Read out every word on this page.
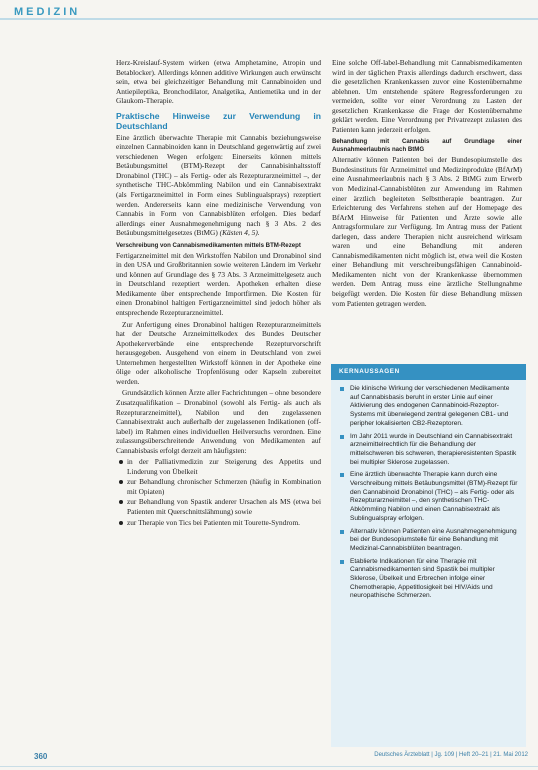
MEDIZIN

Herz-Kreislauf-System wirken (etwa Amphetamine, Atropin und Betablocker). Allerdings können additive Wirkungen auch erwünscht sein, etwa bei gleichzeitiger Behandlung mit Cannabinoiden und Antiepileptika, Bronchodilator, Analgetika, Antiemetika und in der Glaukom-Therapie.

Praktische Hinweise zur Verwendung in Deutschland

Eine ärztlich überwachte Therapie mit Cannabis beziehungsweise einzelnen Cannabinoiden kann in Deutschland gegenwärtig auf zwei verschiedenen Wegen erfolgen: Einerseits können mittels Betäubungsmittel (BTM)-Rezept der Cannabisinhaltsstoff Dronabinol (THC) – als Fertig- oder als Rezepturarzneimittel –, der synthetische THC-Abkömmling Nabilon und ein Cannabisextrakt (als Fertigarzneimittel in Form eines Sublingualsprays) rezeptiert werden. Andererseits kann eine medizinische Verwendung von Cannabis in Form von Cannabisblüten erfolgen. Dies bedarf allerdings einer Ausnahmegenehmigung nach § 3 Abs. 2 des Betäubungsmittelgesetzes (BtMG) (Kästen 4, 5).

Verschreibung von Cannabismedikamenten mittels BTM-Rezept

Fertigarzneimittel mit den Wirkstoffen Nabilon und Dronabinol sind in den USA und Großbritannien sowie weiteren Ländern im Verkehr und können auf Grundlage des § 73 Abs. 3 Arzneimittelgesetz auch in Deutschland rezeptiert werden. Apotheken erhalten diese Medikamente über entsprechende Importfirmen. Die Kosten für einen Dronabinol haltigen Fertigarzneimittel sind jedoch höher als entsprechende Rezepturarzneimittel.

Zur Anfertigung eines Dronabinol haltigen Rezepturarzneimittels hat der Deutsche Arzneimittelkodex des Bundes Deutscher Apothekerverbände eine entsprechende Rezepturvorschrift herausgegeben. Ausgehend von einem in Deutschland von zwei Unternehmen hergestellten Wirkstoff können in der Apotheke eine ölige oder alkoholische Tropfenlösung oder Kapseln zubereitet werden.

Grundsätzlich können Ärzte aller Fachrichtungen – ohne besondere Zusatzqualifikation – Dronabinol (sowohl als Fertig- als auch als Rezepturarzneimittel), Nabilon und den zugelassenen Cannabisextrakt auch außerhalb der zugelassenen Indikationen (off-label) im Rahmen eines individuellen Heilversuchs verordnen. Eine zulassungsüberschreitende Anwendung von Medikamenten auf Cannabisbasis erfolgt derzeit am häufigsten:

in der Palliativmedizin zur Steigerung des Appetits und Linderung von Übelkeit
zur Behandlung chronischer Schmerzen (häufig in Kombination mit Opiaten)
zur Behandlung von Spastik anderer Ursachen als MS (etwa bei Patienten mit Querschnittslähmung) sowie
zur Therapie von Tics bei Patienten mit Tourette-Syndrom.

Eine solche Off-label-Behandlung mit Cannabismedikamenten wird in der täglichen Praxis allerdings dadurch erschwert, dass die gesetzlichen Krankenkassen zuvor eine Kostenübernahme ablehnen. Um entstehende spätere Regressforderungen zu vermeiden, sollte vor einer Verordnung zu Lasten der gesetzlichen Krankenkasse die Frage der Kostenübernahme geklärt werden. Eine Verordnung per Privatrezept zulasten des Patienten kann jederzeit erfolgen.

Behandlung mit Cannabis auf Grundlage einer Ausnahmeerlaubnis nach BtMG

Alternativ können Patienten bei der Bundesopiumstelle des Bundesinstituts für Arzneimittel und Medizinprodukte (BfArM) eine Ausnahmeerlaubnis nach § 3 Abs. 2 BtMG zum Erwerb von Medizinal-Cannabisblüten zur Anwendung im Rahmen einer ärztlich begleiteten Selbsttherapie beantragen. Zur Erleichterung des Verfahrens stehen auf der Homepage des BfArM Hinweise für Patienten und Ärzte sowie alle Antragsformulare zur Verfügung. Im Antrag muss der Patient darlegen, dass andere Therapien nicht ausreichend wirksam waren und eine Behandlung mit anderen Cannabismedikamenten nicht möglich ist, etwa weil die Kosten einer Behandlung mit verschreibungsfähigen Cannabinoid-Medikamenten nicht von der Krankenkasse übernommen werden. Dem Antrag muss eine ärztliche Stellungnahme beigefügt werden. Die Kosten für diese Behandlung müssen vom Patienten getragen werden.

KERNAUSSAGEN
Die klinische Wirkung der verschiedenen Medikamente auf Cannabisbasis beruht in erster Linie auf einer Aktivierung des endogenen Cannabinoid-Rezeptor-Systems mit überwiegend zentral gelegenen CB1- und peripher lokalisierten CB2-Rezeptoren.
Im Jahr 2011 wurde in Deutschland ein Cannabisextrakt arzneimittelrechtlich für die Behandlung der mittelschweren bis schweren, therapieresistenten Spastik bei multipler Sklerose zugelassen.
Eine ärztlich überwachte Therapie kann durch eine Verschreibung mittels Betäubungsmittel (BTM)-Rezept für den Cannabinoid Dronabinol (THC) – als Fertig- oder als Rezepturarzneimittel –, den synthetischen THC-Abkömmling Nabilon und einen Cannabisextrakt als Sublingualspray erfolgen.
Alternativ können Patienten eine Ausnahmegenehmigung bei der Bundesopiumstelle für eine Behandlung mit Medizinal-Cannabisblüten beantragen.
Etablierte Indikationen für eine Therapie mit Cannabismedikamenten sind Spastik bei multipler Sklerose, Übelkeit und Erbrechen infolge einer Chemotherapie, Appetitlosigkeit bei HIV/Aids und neuropathische Schmerzen.
360	Deutsches Ärzteblatt | Jg. 109 | Heft 20–21 | 21. Mai 2012
